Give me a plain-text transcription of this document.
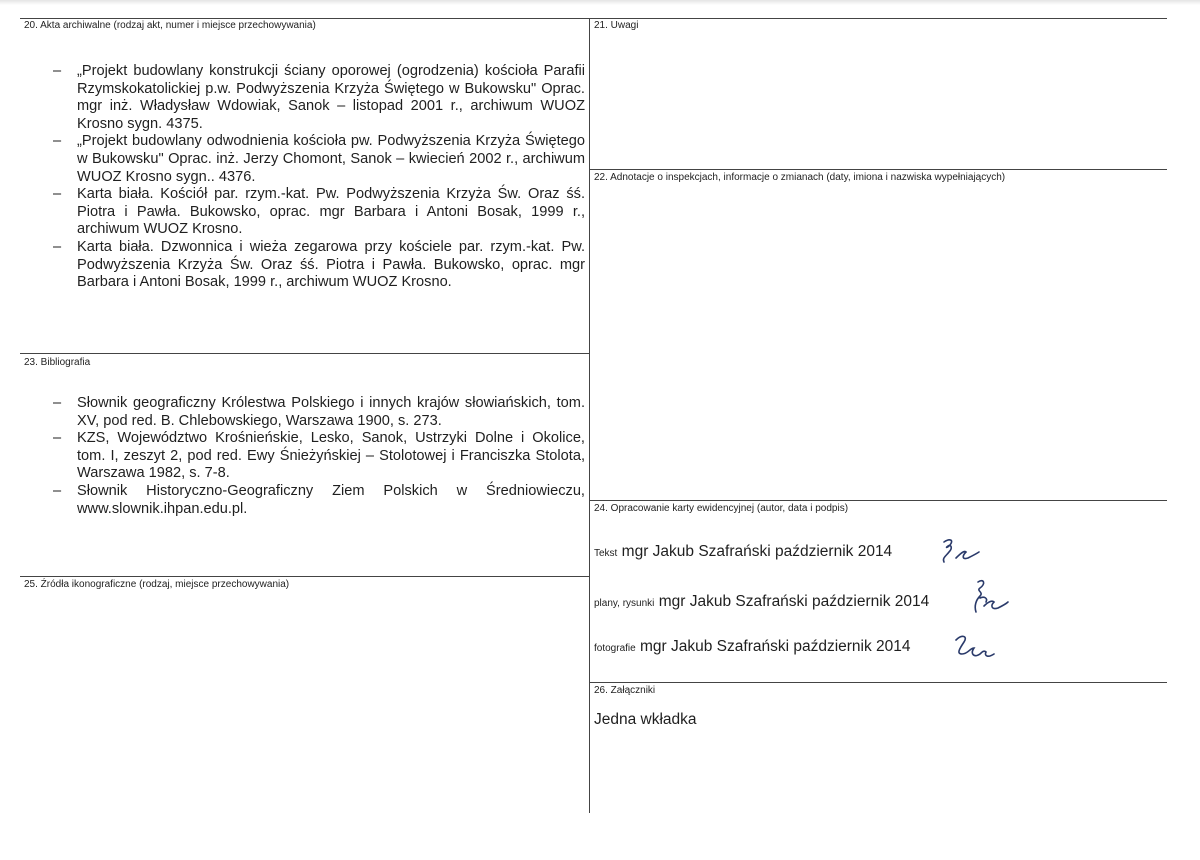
20. Akta archiwalne (rodzaj akt, numer i miejsce przechowywania)	21. Uwagi
22. Adnotacje o inspekcjach, informacje o zmianach (daty, imiona i nazwiska wypełniających)
23. Bibliografia
24. Opracowanie karty ewidencyjnej (autor, data i podpis)
25. Źródła ikonograficzne (rodzaj, miejsce przechowywania)
26. Załączniki
– „Projekt budowlany konstrukcji ściany oporowej (ogrodzenia) kościoła Parafii Rzymskokatolickiej p.w. Podwyższenia Krzyża Świętego w Bukowsku" Oprac. mgr inż. Władysław Wdowiak, Sanok – listopad 2001 r., archiwum WUOZ Krosno sygn. 4375.
– „Projekt budowlany odwodnienia kościoła pw. Podwyższenia Krzyża Świętego w Bukowsku" Oprac. inż. Jerzy Chomont, Sanok – kwiecień 2002 r., archiwum WUOZ Krosno sygn.. 4376.
– Karta biała. Kościół par. rzym.-kat. Pw. Podwyższenia Krzyża Św. Oraz śś. Piotra i Pawła. Bukowsko, oprac. mgr Barbara i Antoni Bosak, 1999 r., archiwum WUOZ Krosno.
– Karta biała. Dzwonnica i wieża zegarowa przy kościele par. rzym.-kat. Pw. Podwyższenia Krzyża Św. Oraz śś. Piotra i Pawła. Bukowsko, oprac. mgr Barbara i Antoni Bosak, 1999 r., archiwum WUOZ Krosno.
– Słownik geograficzny Królestwa Polskiego i innych krajów słowiańskich, tom. XV, pod red. B. Chlebowskiego, Warszawa 1900, s. 273.
– KZS, Województwo Krośnieńskie, Lesko, Sanok, Ustrzyki Dolne i Okolice, tom. I, zeszyt 2, pod red. Ewy Śnieżyńskiej – Stolotowej i Franciszka Stolota, Warszawa 1982, s. 7-8.
– Słownik Historyczno-Geograficzny Ziem Polskich w Średniowieczu, www.slownik.ihpan.edu.pl.
Tekst mgr Jakub Szafrański październik 2014
plany, rysunki mgr Jakub Szafrański październik 2014
fotografie mgr Jakub Szafrański październik 2014
Jedna wkładka
